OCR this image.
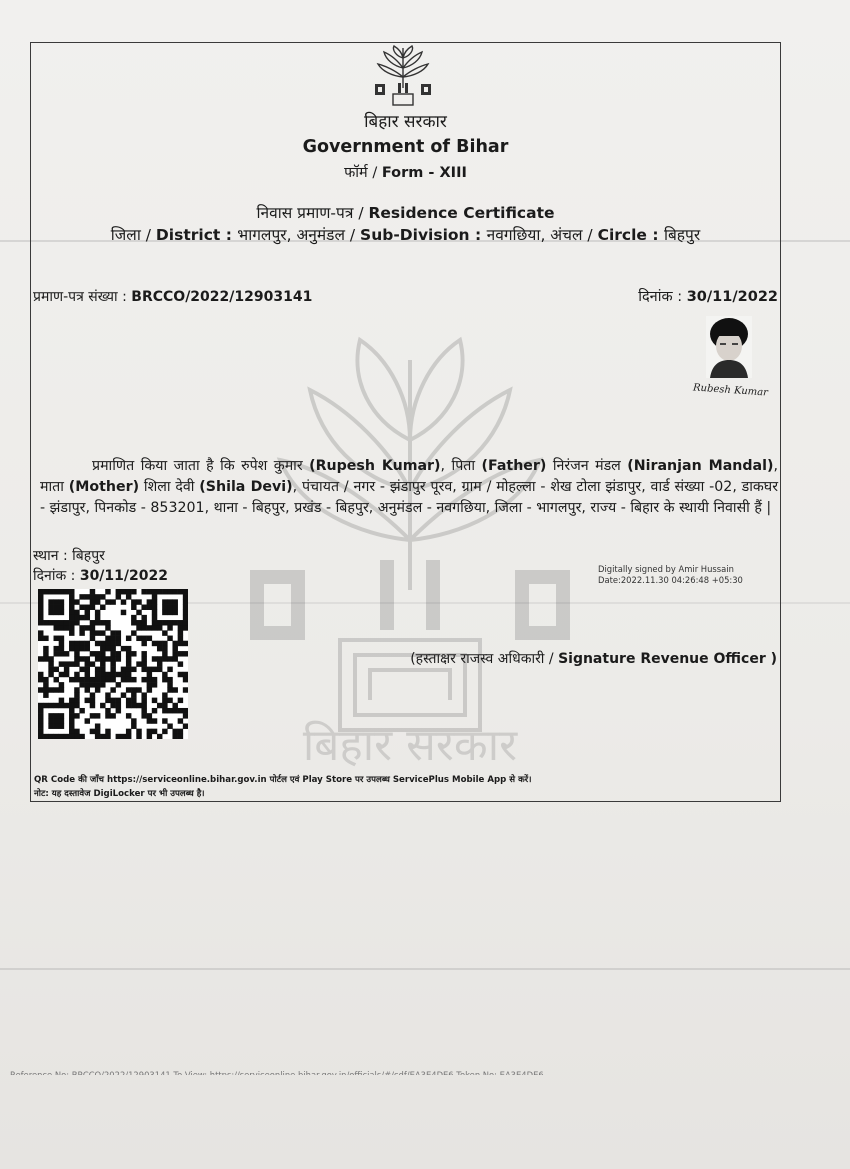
बिहार सरकार
बिहार सरकार
Government of Bihar
फॉर्म / Form - XIII
निवास प्रमाण-पत्र / Residence Certificate
जिला / District : भागलपुर, अनुमंडल / Sub-Division : नवगछिया, अंचल / Circle : बिहपुर
प्रमाण-पत्र संख्या : BRCCO/2022/12903141	दिनांक : 30/11/2022
Rubesh Kumar
प्रमाणित किया जाता है कि रुपेश कुमार (Rupesh Kumar), पिता (Father) निरंजन मंडल (Niranjan Mandal), माता (Mother) शिला देवी (Shila Devi), पंचायत / नगर - झंडापुर पूरव, ग्राम / मोहल्ला - शेख टोला झंडापुर, वार्ड संख्या -02, डाकघर - झंडापुर, पिनकोड - 853201, थाना - बिहपुर, प्रखंड - बिहपुर, अनुमंडल - नवगछिया, जिला - भागलपुर, राज्य - बिहार के स्थायी निवासी हैं |
स्थान : बिहपुर
दिनांक : 30/11/2022	Digitally signed by Amir Hussain
Date:2022.11.30 04:26:48 +05:30
(हस्ताक्षर राजस्व अधिकारी / Signature Revenue Officer )
QR Code की जाँच https://serviceonline.bihar.gov.in पोर्टल एवं Play Store पर उपलब्ध ServicePlus Mobile App से करें।
नोट: यह दस्तावेज DigiLocker पर भी उपलब्ध है।
